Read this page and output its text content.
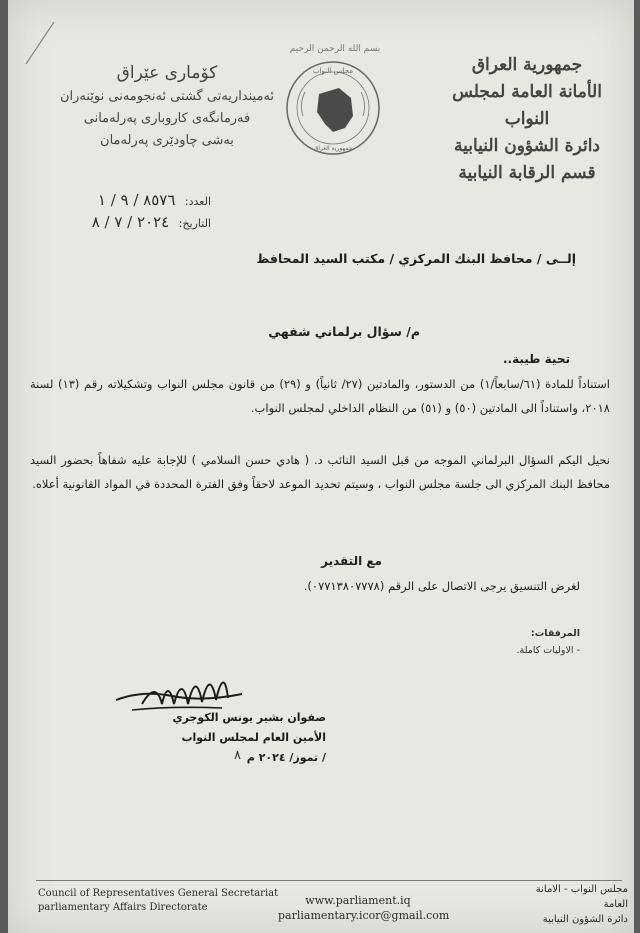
كۆماری عێراق
ئەمینداریەتی گشتی ئەنجومەنی نوێنەران
فەرمانگەی کاروباری پەرلەمانی
بەشی چاودێری پەرلەمان
بسم الله الرحمن الرحيم
مجلس النواب
جمهورية العراق
جمهورية العراق
الأمانة العامة لمجلس النواب
دائرة الشؤون النيابية
قسم الرقابة النيابية
العدد: ٨٥٧٦ / ٩ / ١
التاريخ: ٢٠٢٤ / ٧ / ٨
إلــى / محافظ البنك المركزي / مكتب السيد المحافظ
م/ سؤال برلماني شفهي
تحية طيبة..
استناداً للمادة (٦١/سابعاً/١) من الدستور، والمادتين (٢٧/ ثانياً) و (٢٩) من قانون مجلس النواب وتشكيلاته رقم (١٣) لسنة ٢٠١٨، واستناداً الى المادتين (٥٠) و (٥١) من النظام الداخلي لمجلس النواب.
نحيل اليكم السؤال البرلماني الموجه من قبل السيد النائب د. ( هادي حسن السلامي ) للإجابة عليه شفاهاً بحضور السيد محافظ البنك المركزي الى جلسة مجلس النواب ، وسيتم تحديد الموعد لاحقاً وفق الفترة المحددة في المواد القانونية أعلاه.
مع التقدير
لغرض التنسيق يرجى الاتصال على الرقم (٠٧٧١٣٨٠٧٧٧٨).
المرفقات:
- الاوليات كاملة.
صفوان بشير يونس الكوجري
الأمين العام لمجلس النواب
/ تموز/ ٢٠٢٤ م
٨
Council of Representatives General Secretariat
parliamentary Affairs Directorate
www.parliament.iq
parliamentary.icor@gmail.com
مجلس النواب - الامانة العامة
دائرة الشؤون النيابية
